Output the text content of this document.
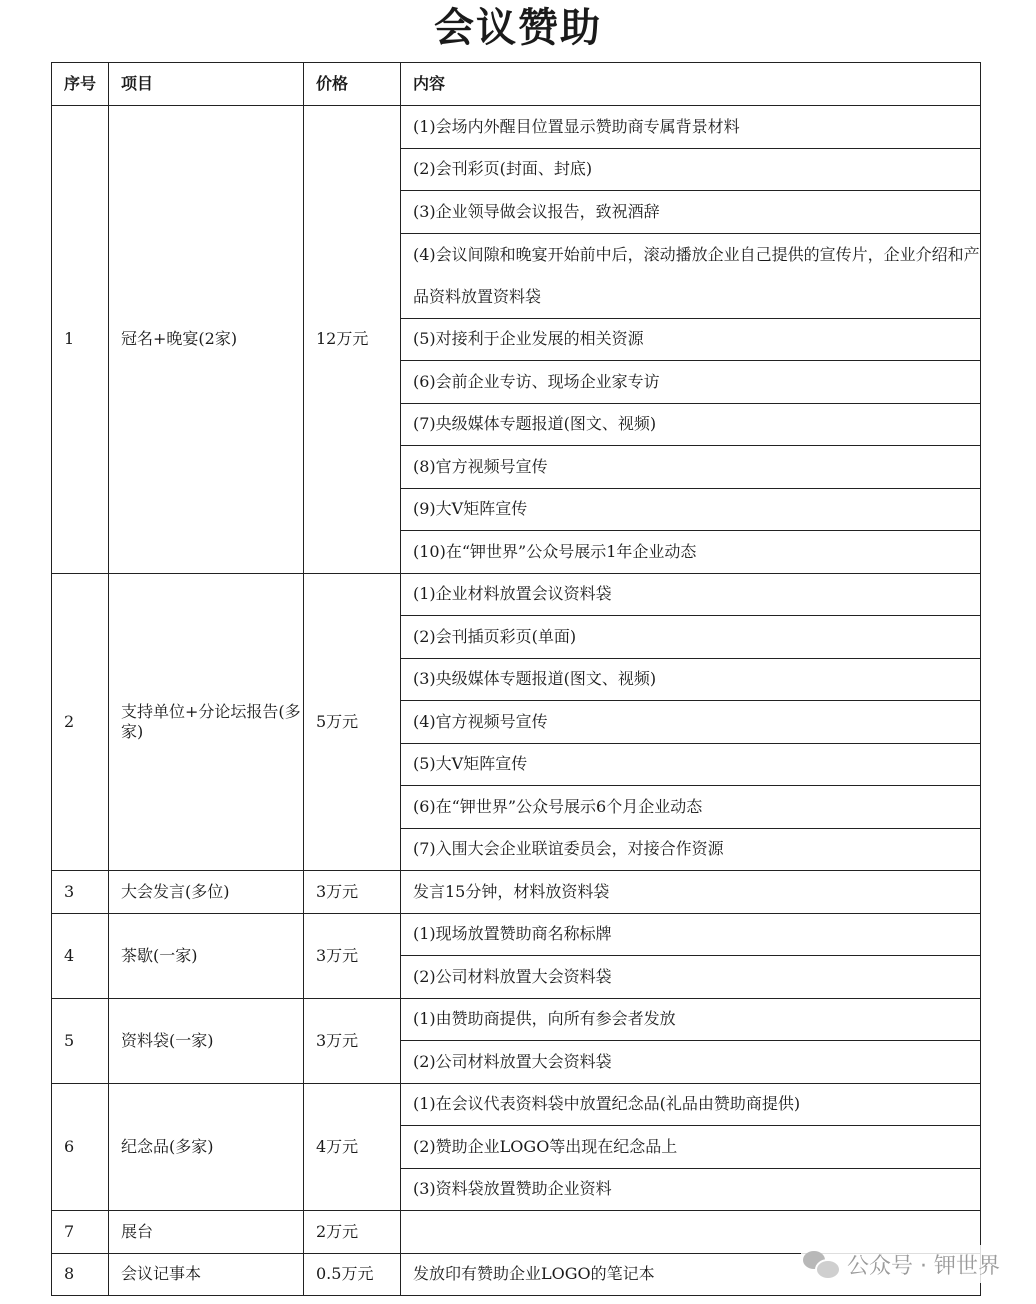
会议赞助
序号	项目	价格	内容
1	冠名+晚宴(2家)	12万元	(1)会场内外醒目位置显示赞助商专属背景材料
			(2)会刊彩页(封面、封底)
			(3)企业领导做会议报告，致祝酒辞
			(4)会议间隙和晚宴开始前中后，滚动播放企业自己提供的宣传片，企业介绍和产品资料放置资料袋
			(5)对接利于企业发展的相关资源
			(6)会前企业专访、现场企业家专访
			(7)央级媒体专题报道(图文、视频)
			(8)官方视频号宣传
			(9)大V矩阵宣传
			(10)在“钾世界”公众号展示1年企业动态
2	支持单位+分论坛报告(多家)	5万元	(1)企业材料放置会议资料袋
			(2)会刊插页彩页(单面)
			(3)央级媒体专题报道(图文、视频)
			(4)官方视频号宣传
			(5)大V矩阵宣传
			(6)在“钾世界”公众号展示6个月企业动态
			(7)入围大会企业联谊委员会，对接合作资源
3	大会发言(多位)	3万元	发言15分钟，材料放资料袋
4	茶歇(一家)	3万元	(1)现场放置赞助商名称标牌
			(2)公司材料放置大会资料袋
5	资料袋(一家)	3万元	(1)由赞助商提供，向所有参会者发放
			(2)公司材料放置大会资料袋
6	纪念品(多家)	4万元	(1)在会议代表资料袋中放置纪念品(礼品由赞助商提供)
			(2)赞助企业LOGO等出现在纪念品上
			(3)资料袋放置赞助企业资料
7	展台	2万元	
8	会议记事本	0.5万元	发放印有赞助企业LOGO的笔记本	公众号 · 钾世界
